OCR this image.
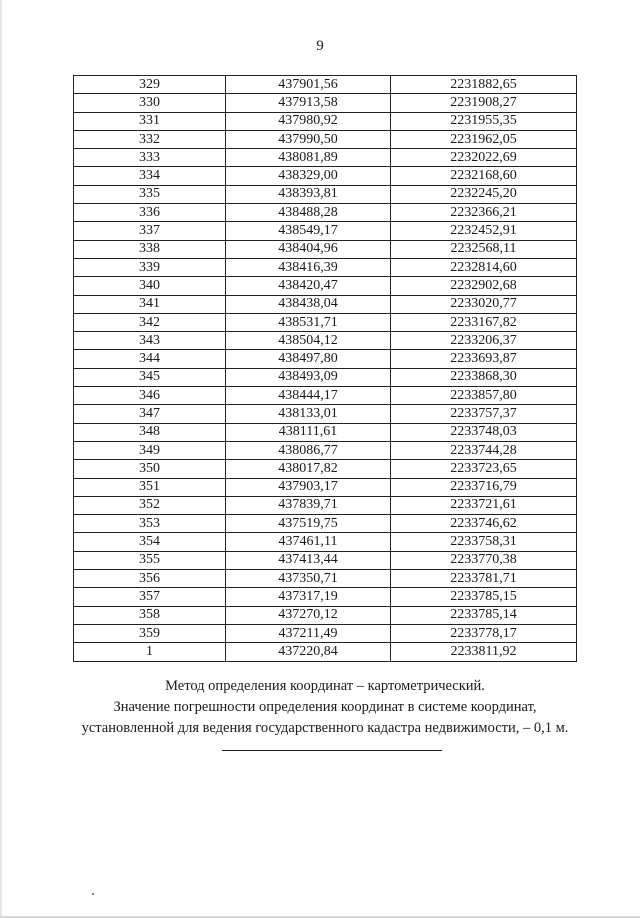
9
329	437901,56	2231882,65
330	437913,58	2231908,27
331	437980,92	2231955,35
332	437990,50	2231962,05
333	438081,89	2232022,69
334	438329,00	2232168,60
335	438393,81	2232245,20
336	438488,28	2232366,21
337	438549,17	2232452,91
338	438404,96	2232568,11
339	438416,39	2232814,60
340	438420,47	2232902,68
341	438438,04	2233020,77
342	438531,71	2233167,82
343	438504,12	2233206,37
344	438497,80	2233693,87
345	438493,09	2233868,30
346	438444,17	2233857,80
347	438133,01	2233757,37
348	438111,61	2233748,03
349	438086,77	2233744,28
350	438017,82	2233723,65
351	437903,17	2233716,79
352	437839,71	2233721,61
353	437519,75	2233746,62
354	437461,11	2233758,31
355	437413,44	2233770,38
356	437350,71	2233781,71
357	437317,19	2233785,15
358	437270,12	2233785,14
359	437211,49	2233778,17
1	437220,84	2233811,92

Метод определения координат – картометрический.

Значение погрешности определения координат в системе координат,

установленной для ведения государственного кадастра недвижимости, – 0,1 м.
